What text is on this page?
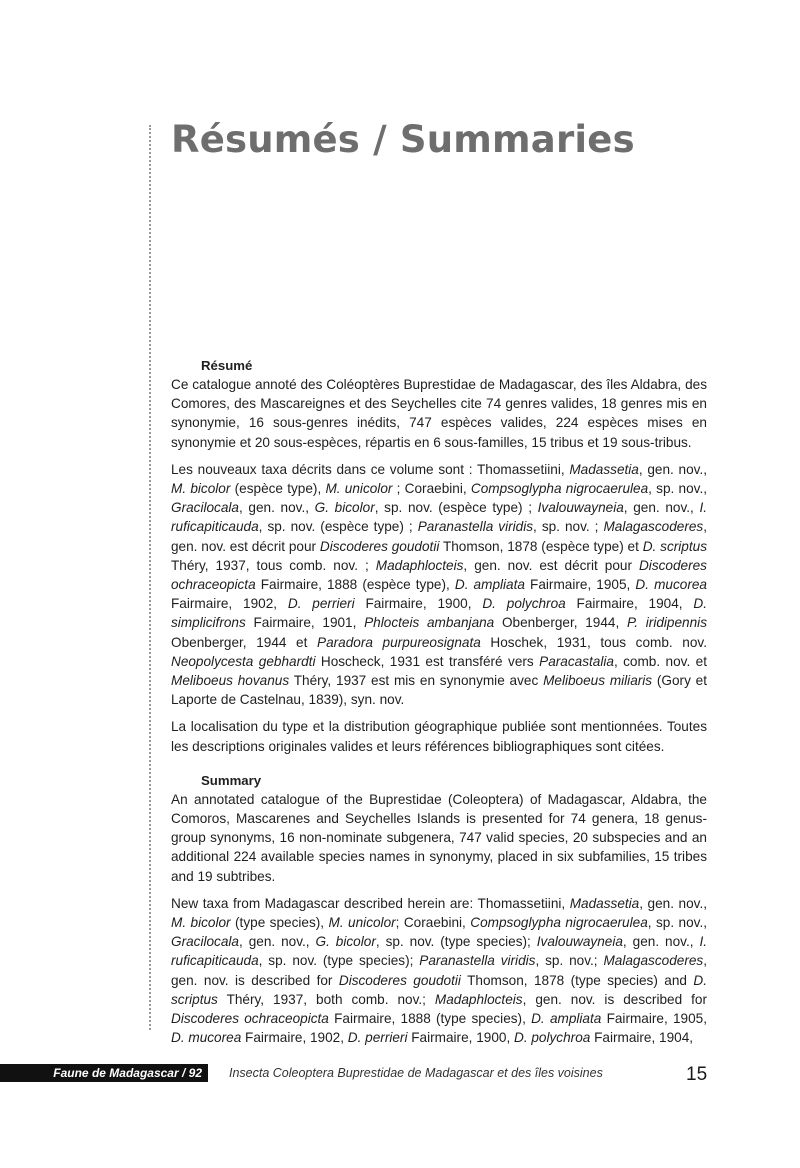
Résumés / Summaries
Résumé

Ce catalogue annoté des Coléoptères Buprestidae de Madagascar, des îles Aldabra, des Comores, des Mascareignes et des Seychelles cite 74 genres valides, 18 genres mis en synonymie, 16 sous-genres inédits, 747 espèces valides, 224 espèces mises en synonymie et 20 sous-espèces, répartis en 6 sous-familles, 15 tribus et 19 sous-tribus.

Les nouveaux taxa décrits dans ce volume sont : Thomassetiini, Madassetia, gen. nov., M. bicolor (espèce type), M. unicolor ; Coraebini, Compsoglypha nigrocaerulea, sp. nov., Gracilocala, gen. nov., G. bicolor, sp. nov. (espèce type) ; Ivalouwayneia, gen. nov., I. ruficapiticauda, sp. nov. (espèce type) ; Paranastella viridis, sp. nov. ; Malagascoderes, gen. nov. est décrit pour Discoderes goudotii Thomson, 1878 (espèce type) et D. scriptus Théry, 1937, tous comb. nov. ; Madaphlocteis, gen. nov. est décrit pour Discoderes ochraceopicta Fairmaire, 1888 (espèce type), D. ampliata Fairmaire, 1905, D. mucorea Fairmaire, 1902, D. perrieri Fairmaire, 1900, D. polychroa Fairmaire, 1904, D. simplicifrons Fairmaire, 1901, Phlocteis ambanjana Obenberger, 1944, P. iridipennis Obenberger, 1944 et Paradora purpureosignata Hoschek, 1931, tous comb. nov. Neopolycesta gebhardti Hoscheck, 1931 est transféré vers Paracastalia, comb. nov. et Meliboeus hovanus Théry, 1937 est mis en synonymie avec Meliboeus miliaris (Gory et Laporte de Castelnau, 1839), syn. nov.

La localisation du type et la distribution géographique publiée sont mentionnées. Toutes les descriptions originales valides et leurs références bibliographiques sont citées.

Summary

An annotated catalogue of the Buprestidae (Coleoptera) of Madagascar, Aldabra, the Comoros, Mascarenes and Seychelles Islands is presented for 74 genera, 18 genus-group synonyms, 16 non-nominate subgenera, 747 valid species, 20 subspecies and an additional 224 available species names in synonymy, placed in six subfamilies, 15 tribes and 19 subtribes.

New taxa from Madagascar described herein are: Thomassetiini, Madassetia, gen. nov., M. bicolor (type species), M. unicolor; Coraebini, Compsoglypha nigrocaerulea, sp. nov., Gracilocala, gen. nov., G. bicolor, sp. nov. (type species); Ivalouwayneia, gen. nov., I. ruficapiticauda, sp. nov. (type species); Paranastella viridis, sp. nov.; Malagascoderes, gen. nov. is described for Discoderes goudotii Thomson, 1878 (type species) and D. scriptus Théry, 1937, both comb. nov.; Madaphlocteis, gen. nov. is described for Discoderes ochraceopicta Fairmaire, 1888 (type species), D. ampliata Fairmaire, 1905, D. mucorea Fairmaire, 1902, D. perrieri Fairmaire, 1900, D. polychroa Fairmaire, 1904,

Faune de Madagascar / 92	Insecta Coleoptera Buprestidae de Madagascar et des îles voisines	15
